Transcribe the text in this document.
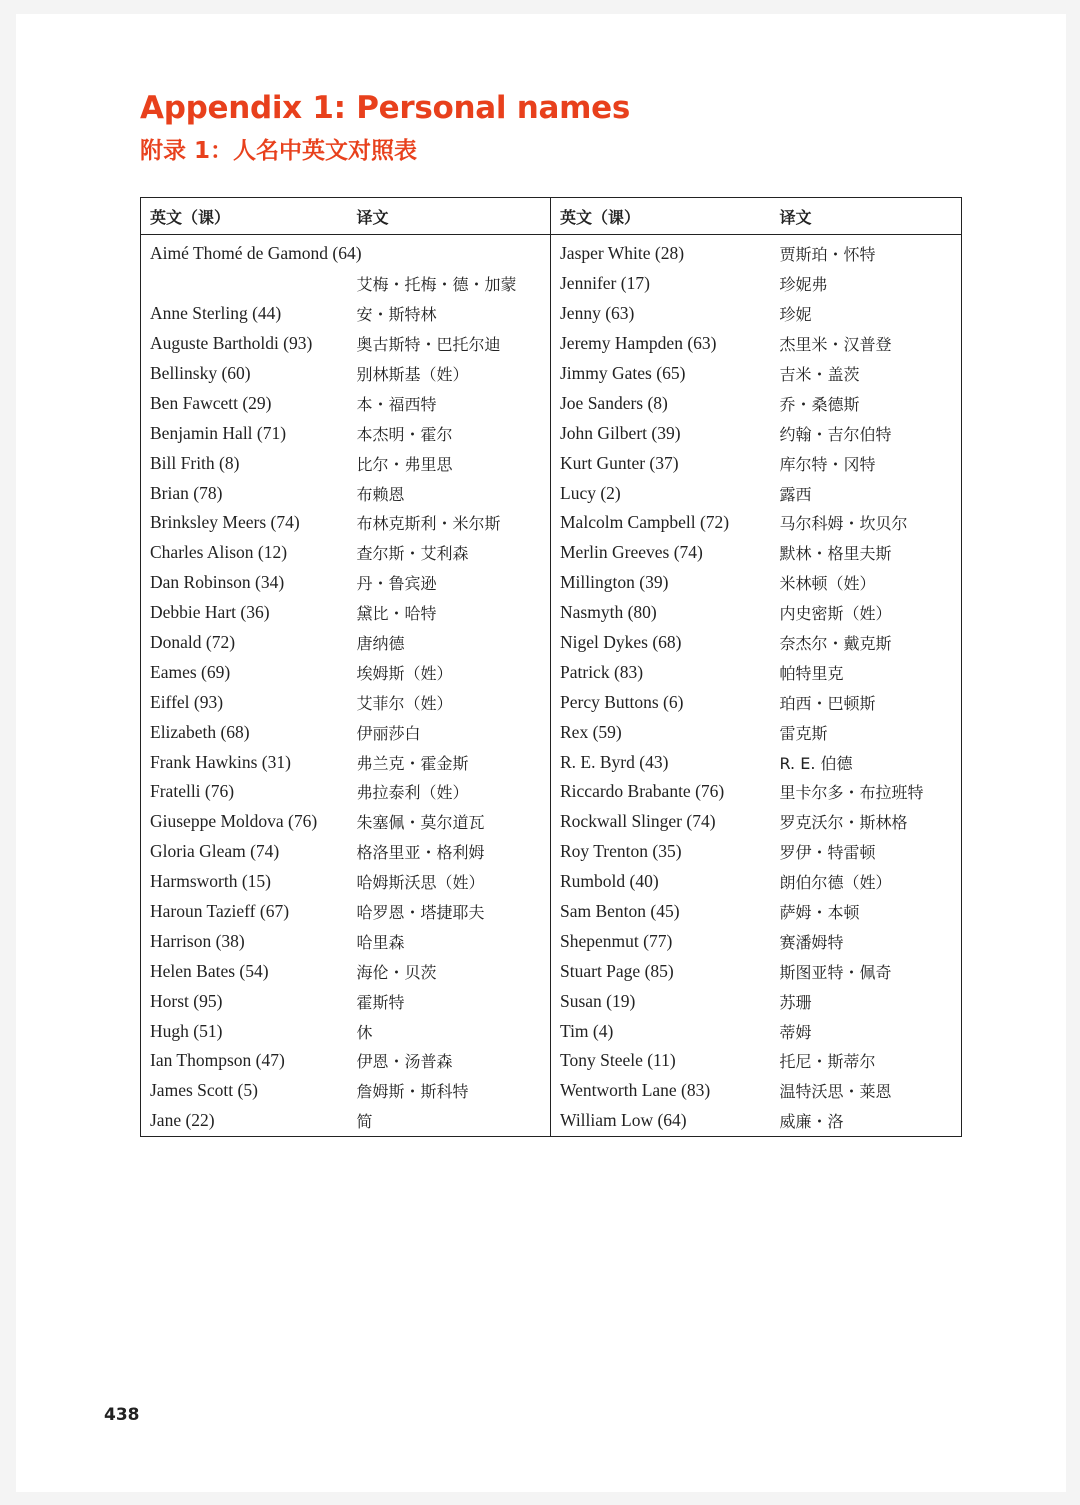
Appendix 1: Personal names
附录 1：人名中英文对照表
英文（课）	译文	英文（课）	译文
Aimé Thomé de Gamond (64)		Jasper White (28)	贾斯珀・怀特
	艾梅・托梅・德・加蒙	Jennifer (17)	珍妮弗
Anne Sterling (44)	安・斯特林	Jenny (63)	珍妮
Auguste Bartholdi (93)	奥古斯特・巴托尔迪	Jeremy Hampden (63)	杰里米・汉普登
Bellinsky (60)	别林斯基（姓）	Jimmy Gates (65)	吉米・盖茨
Ben Fawcett (29)	本・福西特	Joe Sanders (8)	乔・桑德斯
Benjamin Hall (71)	本杰明・霍尔	John Gilbert (39)	约翰・吉尔伯特
Bill Frith (8)	比尔・弗里思	Kurt Gunter (37)	库尔特・冈特
Brian (78)	布赖恩	Lucy (2)	露西
Brinksley Meers (74)	布林克斯利・米尔斯	Malcolm Campbell (72)	马尔科姆・坎贝尔
Charles Alison (12)	查尔斯・艾利森	Merlin Greeves (74)	默林・格里夫斯
Dan Robinson (34)	丹・鲁宾逊	Millington (39)	米林顿（姓）
Debbie Hart (36)	黛比・哈特	Nasmyth (80)	内史密斯（姓）
Donald (72)	唐纳德	Nigel Dykes (68)	奈杰尔・戴克斯
Eames (69)	埃姆斯（姓）	Patrick (83)	帕特里克
Eiffel (93)	艾菲尔（姓）	Percy Buttons (6)	珀西・巴顿斯
Elizabeth (68)	伊丽莎白	Rex (59)	雷克斯
Frank Hawkins (31)	弗兰克・霍金斯	R. E. Byrd (43)	R. E. 伯德
Fratelli (76)	弗拉泰利（姓）	Riccardo Brabante (76)	里卡尔多・布拉班特
Giuseppe Moldova (76)	朱塞佩・莫尔道瓦	Rockwall Slinger (74)	罗克沃尔・斯林格
Gloria Gleam (74)	格洛里亚・格利姆	Roy Trenton (35)	罗伊・特雷顿
Harmsworth (15)	哈姆斯沃思（姓）	Rumbold (40)	朗伯尔德（姓）
Haroun Tazieff (67)	哈罗恩・塔捷耶夫	Sam Benton (45)	萨姆・本顿
Harrison (38)	哈里森	Shepenmut (77)	赛潘姆特
Helen Bates (54)	海伦・贝茨	Stuart Page (85)	斯图亚特・佩奇
Horst (95)	霍斯特	Susan (19)	苏珊
Hugh (51)	休	Tim (4)	蒂姆
Ian Thompson (47)	伊恩・汤普森	Tony Steele (11)	托尼・斯蒂尔
James Scott (5)	詹姆斯・斯科特	Wentworth Lane (83)	温特沃思・莱恩
Jane (22)	简	William Low (64)	威廉・洛
438
